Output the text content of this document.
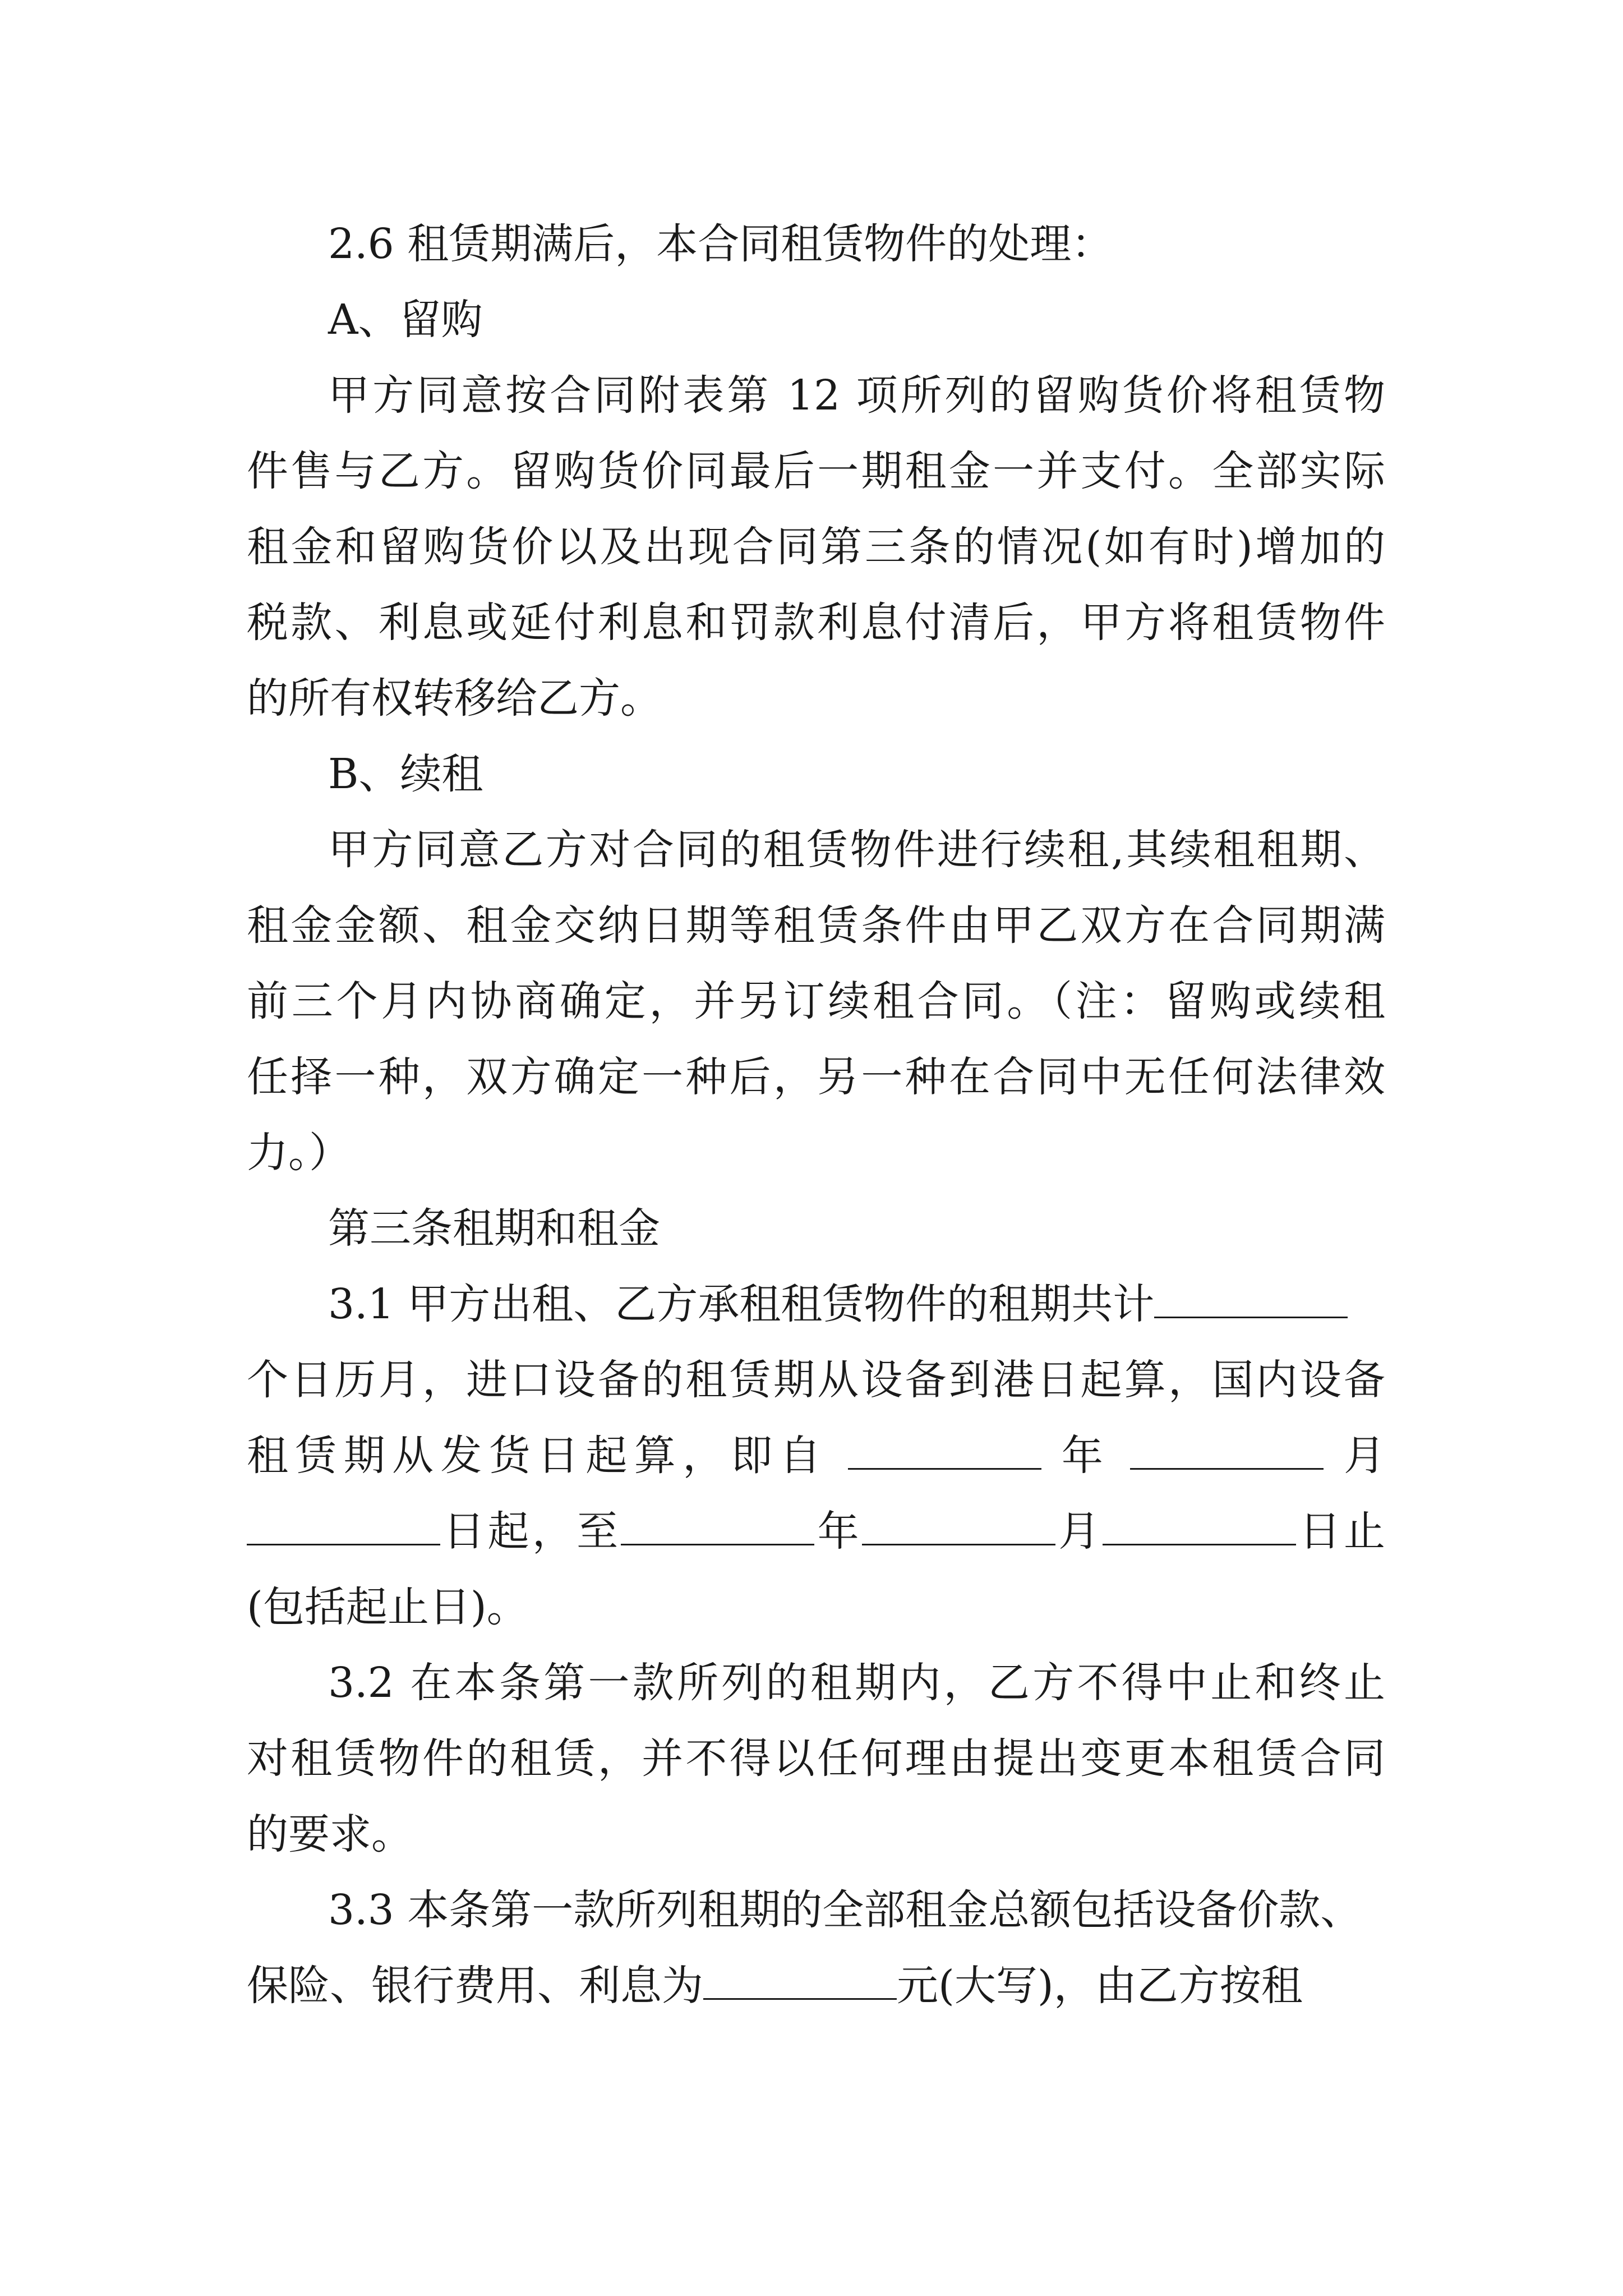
2.6 租赁期满后，本合同租赁物件的处理：
A、留购
甲方同意按合同附表第 12 项所列的留购货价将租赁物
件售与乙方。留购货价同最后一期租金一并支付。全部实际
租金和留购货价以及出现合同第三条的情况(如有时)增加的
税款、利息或延付利息和罚款利息付清后，甲方将租赁物件
的所有权转移给乙方。
B、续租
甲方同意乙方对合同的租赁物件进行续租,其续租租期、
租金金额、租金交纳日期等租赁条件由甲乙双方在合同期满
前三个月内协商确定，并另订续租合同。（注：留购或续租
任择一种，双方确定一种后，另一种在合同中无任何法律效
力。）
第三条租期和租金
3.1 甲方出租、乙方承租租赁物件的租期共计
个日历月，进口设备的租赁期从设备到港日起算，国内设备
租赁期从发货日起算，即自	年	月
日起，至	年	月	日止
(包括起止日)。
3.2 在本条第一款所列的租期内，乙方不得中止和终止
对租赁物件的租赁，并不得以任何理由提出变更本租赁合同
的要求。
3.3 本条第一款所列租期的全部租金总额包括设备价款、
保险、银行费用、利息为	元(大写)，由乙方按租
